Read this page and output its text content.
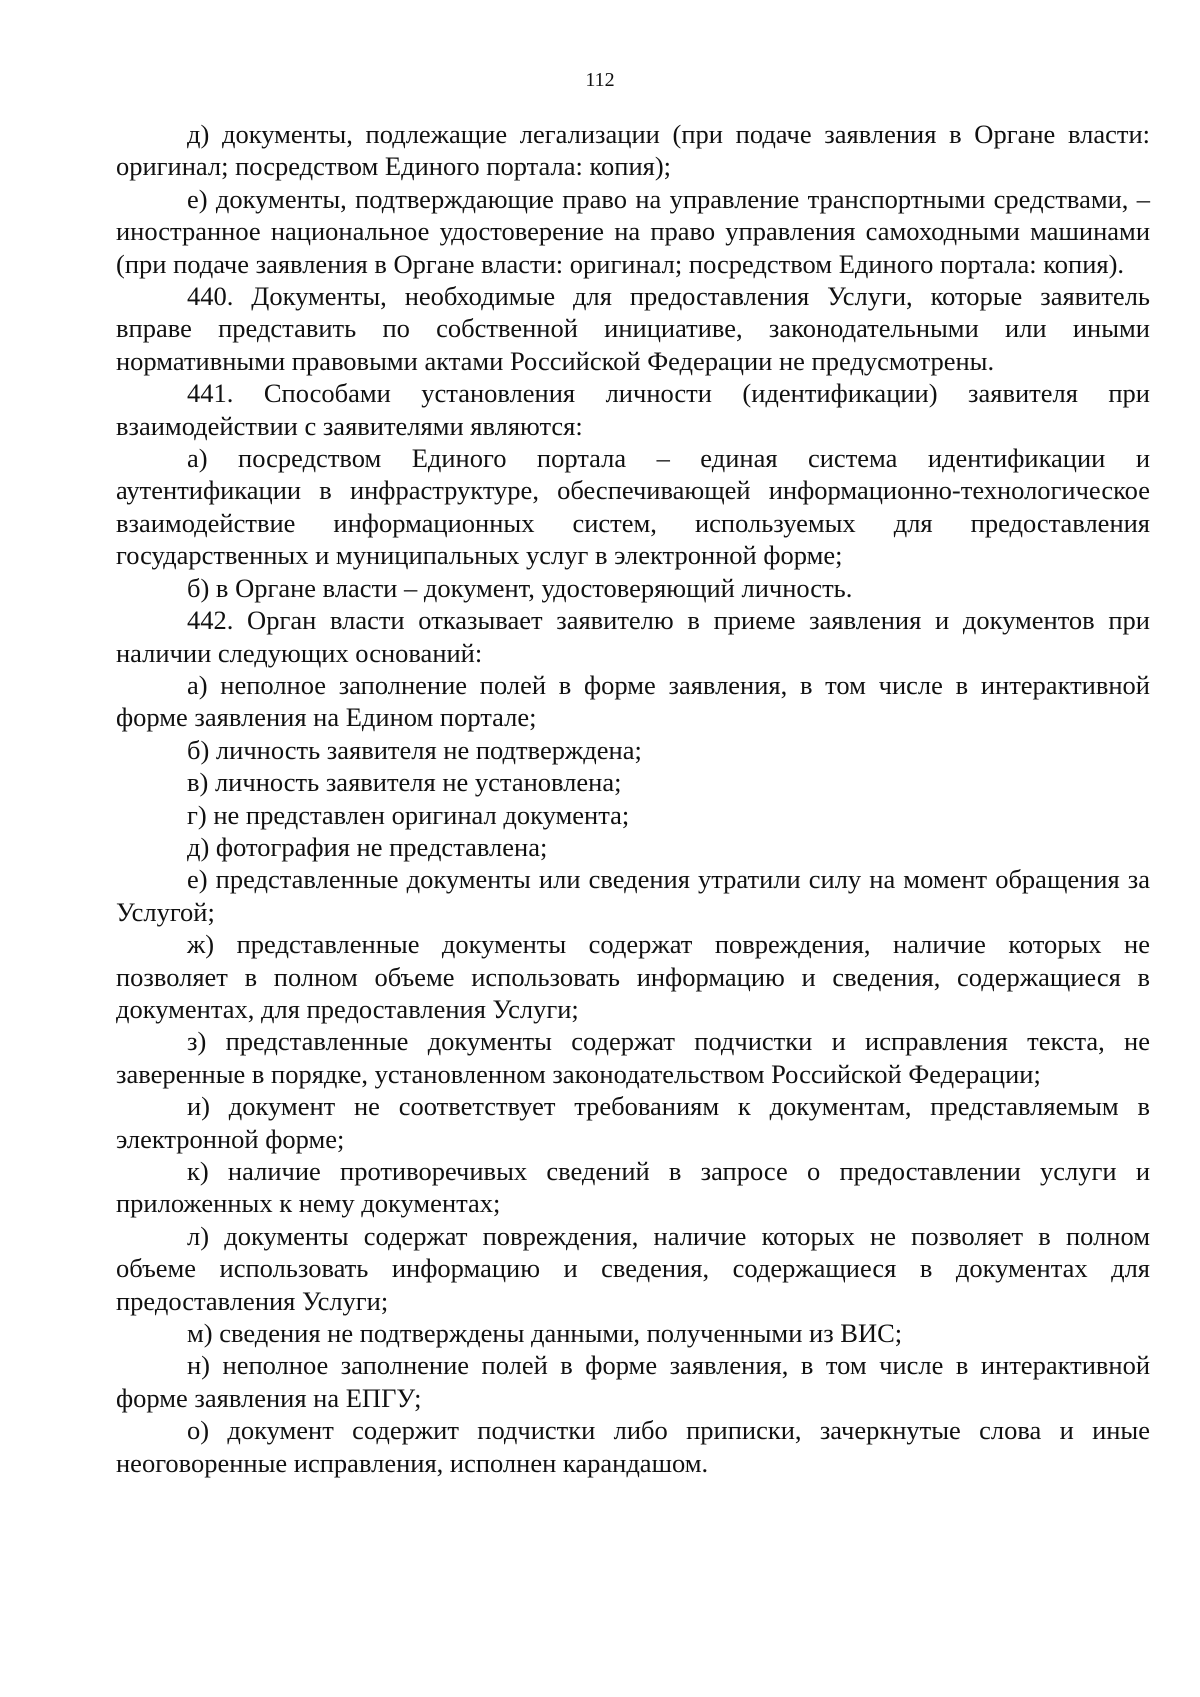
112

д) документы, подлежащие легализации (при подаче заявления в Органе власти: оригинал; посредством Единого портала: копия);

е) документы, подтверждающие право на управление транспортными средствами, – иностранное национальное удостоверение на право управления самоходными машинами (при подаче заявления в Органе власти: оригинал; посредством Единого портала: копия).

440. Документы, необходимые для предоставления Услуги, которые заявитель вправе представить по собственной инициативе, законодательными или иными нормативными правовыми актами Российской Федерации не предусмотрены.

441. Способами установления личности (идентификации) заявителя при взаимодействии с заявителями являются:

а) посредством Единого портала – единая система идентификации и аутентификации в инфраструктуре, обеспечивающей информационно-технологическое взаимодействие информационных систем, используемых для предоставления государственных и муниципальных услуг в электронной форме;

б) в Органе власти – документ, удостоверяющий личность.

442. Орган власти отказывает заявителю в приеме заявления и документов при наличии следующих оснований:

а) неполное заполнение полей в форме заявления, в том числе в интерактивной форме заявления на Едином портале;

б) личность заявителя не подтверждена;

в) личность заявителя не установлена;

г) не представлен оригинал документа;

д) фотография не представлена;

е) представленные документы или сведения утратили силу на момент обращения за Услугой;

ж) представленные документы содержат повреждения, наличие которых не позволяет в полном объеме использовать информацию и сведения, содержащиеся в документах, для предоставления Услуги;

з) представленные документы содержат подчистки и исправления текста, не заверенные в порядке, установленном законодательством Российской Федерации;

и) документ не соответствует требованиям к документам, представляемым в электронной форме;

к) наличие противоречивых сведений в запросе о предоставлении услуги и приложенных к нему документах;

л) документы содержат повреждения, наличие которых не позволяет в полном объеме использовать информацию и сведения, содержащиеся в документах для предоставления Услуги;

м) сведения не подтверждены данными, полученными из ВИС;

н) неполное заполнение полей в форме заявления, в том числе в интерактивной форме заявления на ЕПГУ;

о) документ содержит подчистки либо приписки, зачеркнутые слова и иные неоговоренные исправления, исполнен карандашом.
